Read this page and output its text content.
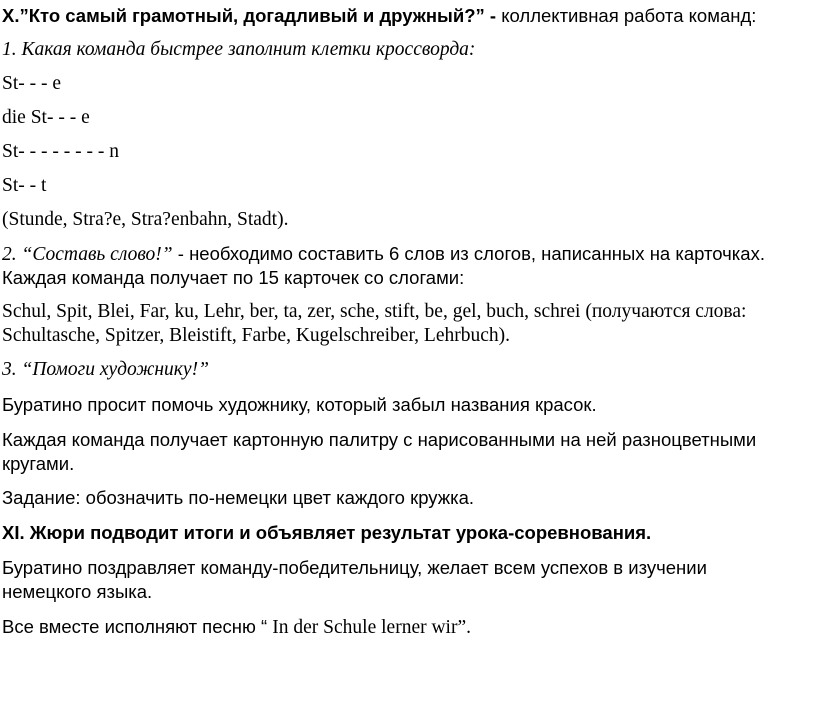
X.”Кто самый грамотный, догадливый и дружный?” - коллективная работа команд:
1. Какая команда быстрее заполнит клетки кроссворда:
St- - - e
die St- - - e
St- - - - - - - - n
St- - t
(Stunde, Stra?e, Stra?enbahn, Stadt).
2. “Составь слово!” - необходимо составить 6 слов из слогов, написанных на карточках.
Каждая команда получает по 15 карточек со слогами:
Schul, Spit, Blei, Far, ku, Lehr, ber, ta, zer, sche, stift, be, gel, buch, schrei (получаются слова:
Schultasche, Spitzer, Bleistift, Farbe, Kugelschreiber, Lehrbuch).
3. “Помоги художнику!”
Буратино просит помочь художнику, который забыл названия красок.
Каждая команда получает картонную палитру с нарисованными на ней разноцветными
кругами.
Задание: обозначить по-немецки цвет каждого кружка.
XI. Жюри подводит итоги и объявляет результат урока-соревнования.
Буратино поздравляет команду-победительницу, желает всем успехов в изучении
немецкого языка.
Все вместе исполняют песню “ In der Schule lerner wir”.
